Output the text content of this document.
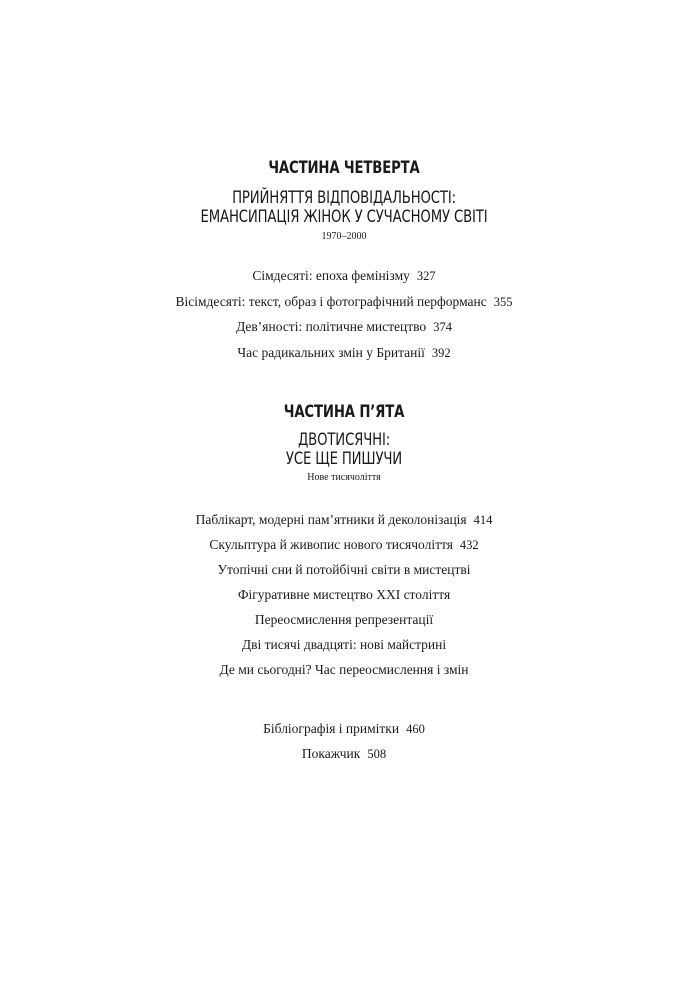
ЧАСТИНА ЧЕТВЕРТА
ПРИЙНЯТТЯ ВІДПОВІДАЛЬНОСТІ:
ЕМАНСИПАЦІЯ ЖІНОК У СУЧАСНОМУ СВІТІ
1970–2000
Сімдесяті: епоха фемінізму 327
Вісімдесяті: текст, образ і фотографічний перформанс 355
Дев’яності: політичне мистецтво 374
Час радикальних змін у Британії 392
ЧАСТИНА П’ЯТА
ДВОТИСЯЧНІ:
УСЕ ЩЕ ПИШУЧИ
Нове тисячоліття
Паблікарт, модерні пам’ятники й деколонізація 414
Скульптура й живопис нового тисячоліття 432
Утопічні сни й потойбічні світи в мистецтві
Фігуративне мистецтво XXI століття
Переосмислення репрезентації
Дві тисячі двадцяті: нові майстрині
Де ми сьогодні? Час переосмислення і змін
Бібліографія і примітки 460
Покажчик 508
